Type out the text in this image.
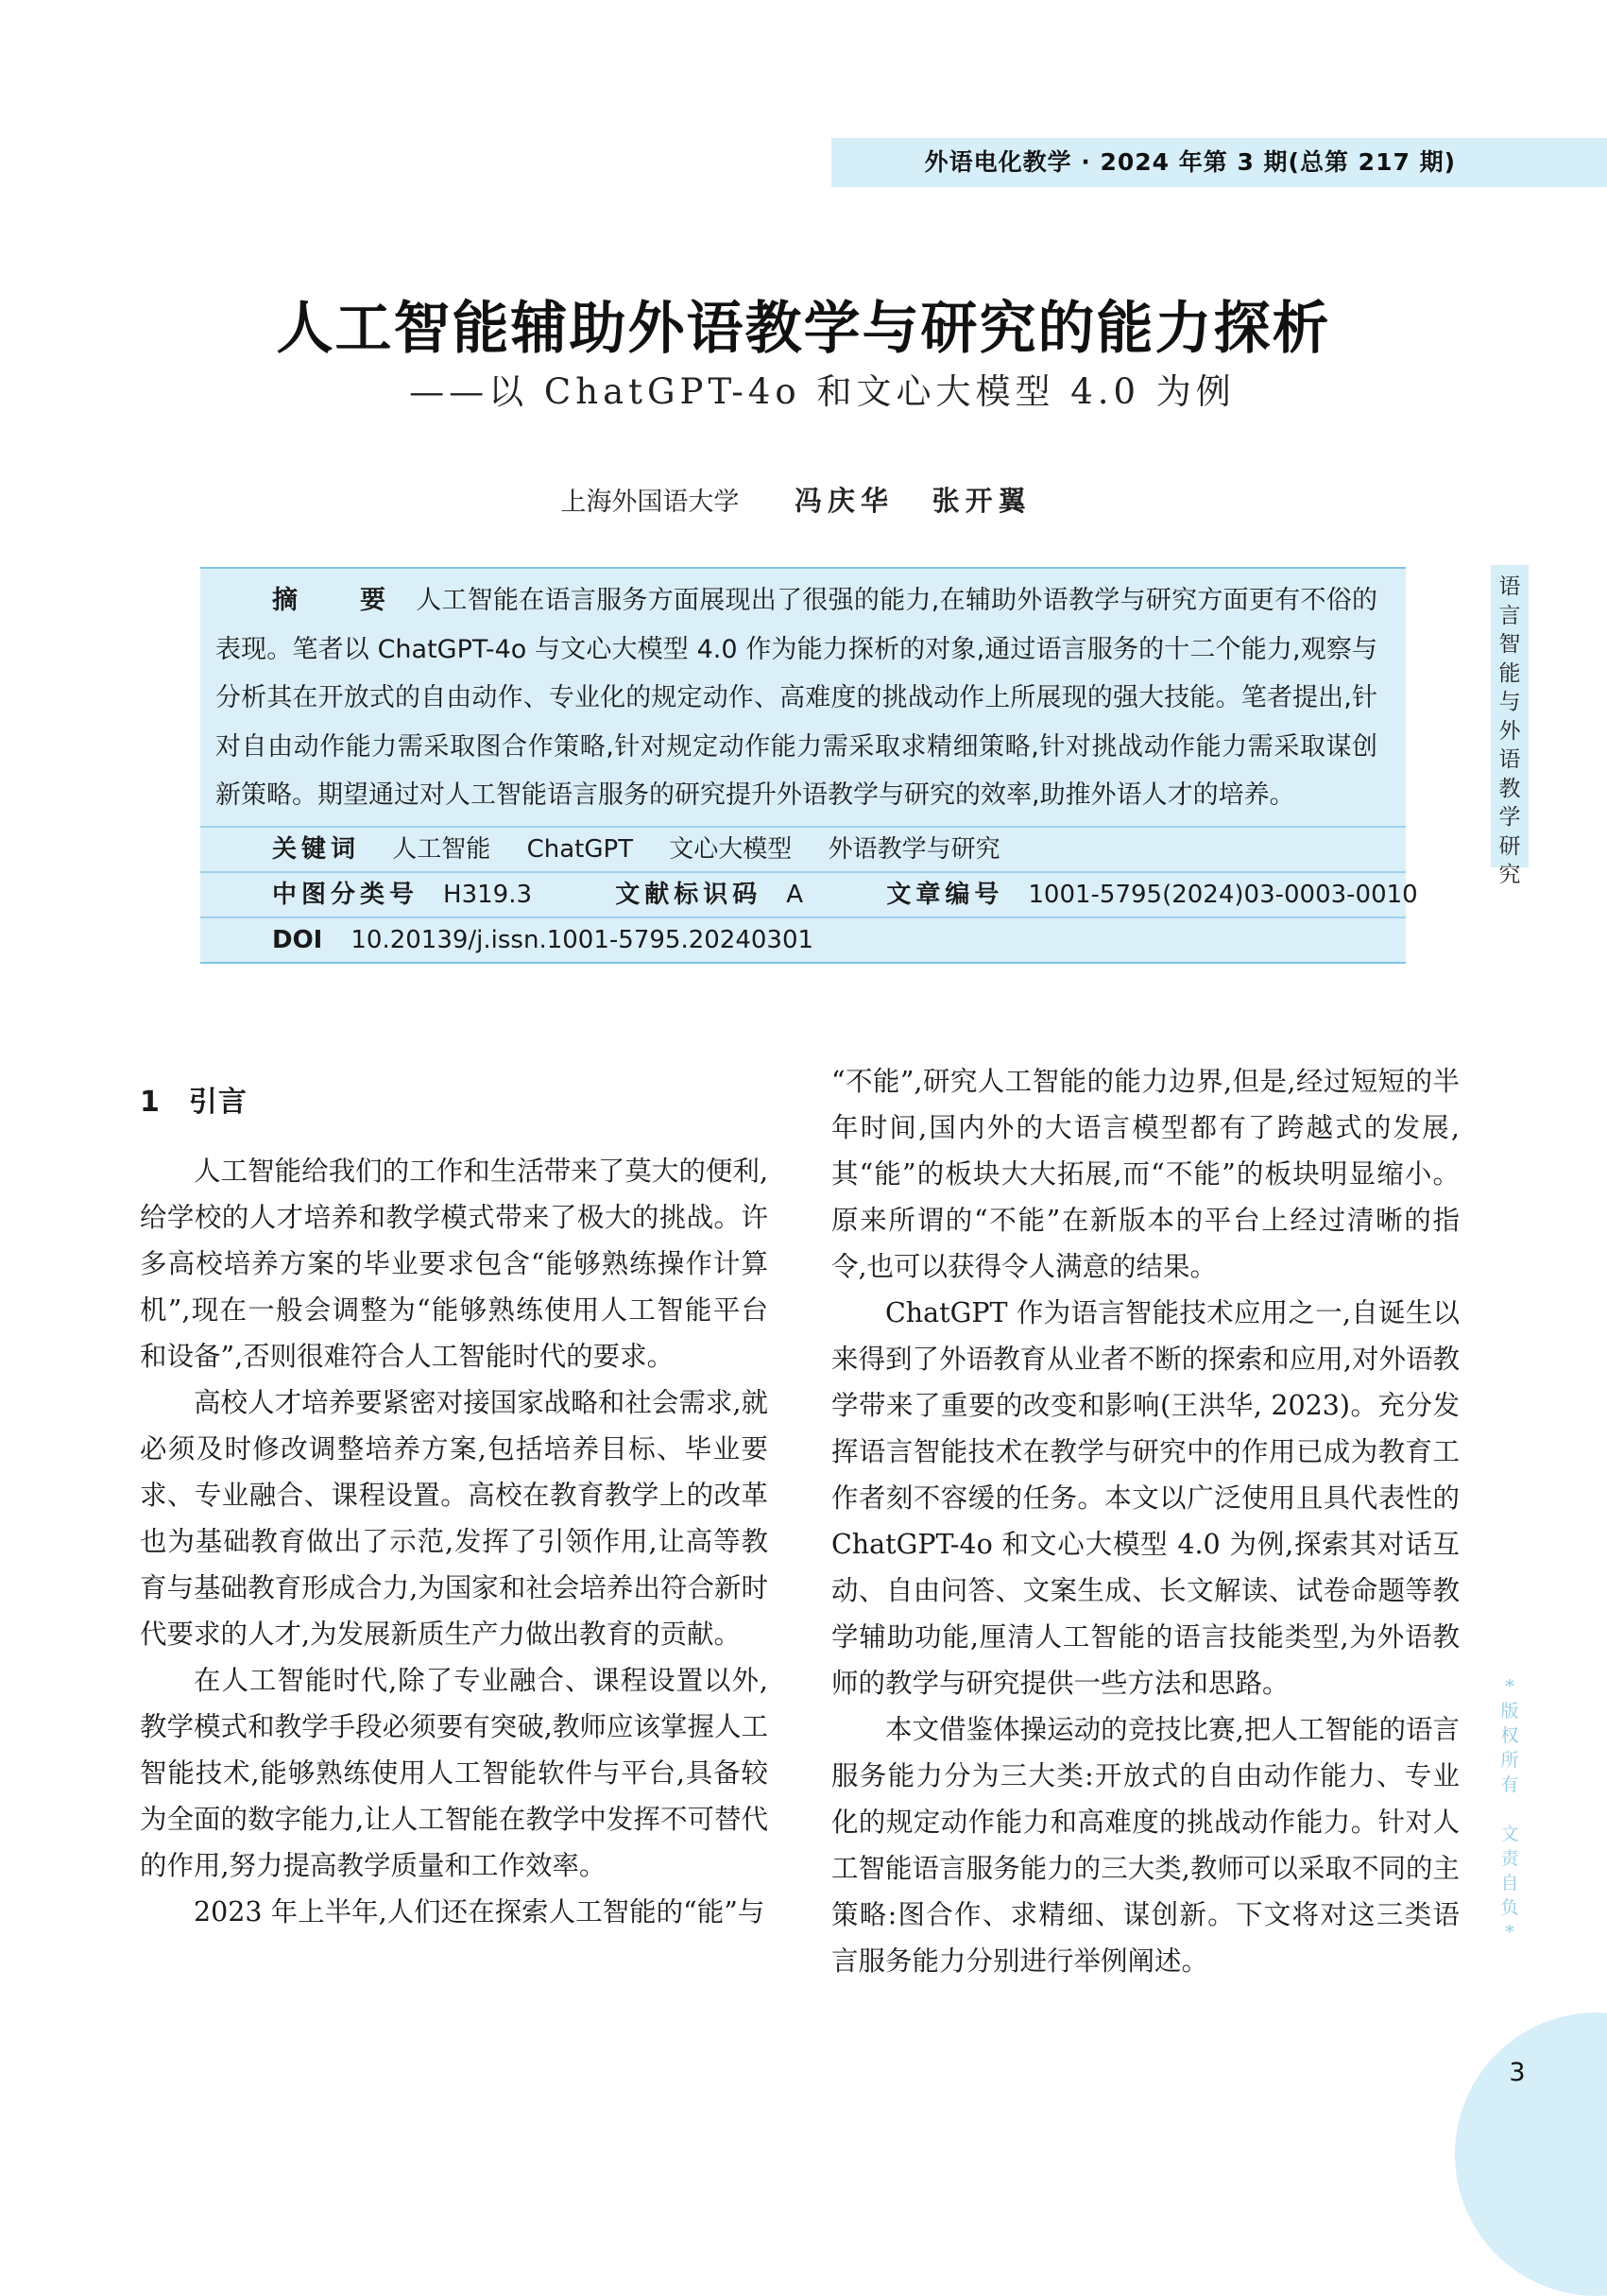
外语电化教学 · 2024 年第 3 期(总第 217 期)
人工智能辅助外语教学与研究的能力探析
——以 ChatGPT-4o 和文心大模型 4.0 为例
上海外国语大学 冯庆华 张开翼
摘 要 人工智能在语言服务方面展现出了很强的能力,在辅助外语教学与研究方面更有不俗的表现。笔者以 ChatGPT-4o 与文心大模型 4.0 作为能力探析的对象,通过语言服务的十二个能力,观察与分析其在开放式的自由动作、专业化的规定动作、高难度的挑战动作上所展现的强大技能。笔者提出,针对自由动作能力需采取图合作策略,针对规定动作能力需采取求精细策略,针对挑战动作能力需采取谋创新策略。期望通过对人工智能语言服务的研究提升外语教学与研究的效率,助推外语人才的培养。
关键词 人工智能 ChatGPT 文心大模型 外语教学与研究
中图分类号 H319.3	文献标识码 A	文章编号 1001-5795(2024)03-0003-0010
DOI 10.20139/j.issn.1001-5795.20240301
语
言
智
能
与
外
语
教
学
研
究
*
版
权
所
有

文
责
自
负
*
1 引言

人工智能给我们的工作和生活带来了莫大的便利,给学校的人才培养和教学模式带来了极大的挑战。许多高校培养方案的毕业要求包含“能够熟练操作计算机”,现在一般会调整为“能够熟练使用人工智能平台和设备”,否则很难符合人工智能时代的要求。

高校人才培养要紧密对接国家战略和社会需求,就必须及时修改调整培养方案,包括培养目标、毕业要求、专业融合、课程设置。高校在教育教学上的改革也为基础教育做出了示范,发挥了引领作用,让高等教育与基础教育形成合力,为国家和社会培养出符合新时代要求的人才,为发展新质生产力做出教育的贡献。

在人工智能时代,除了专业融合、课程设置以外,教学模式和教学手段必须要有突破,教师应该掌握人工智能技术,能够熟练使用人工智能软件与平台,具备较为全面的数字能力,让人工智能在教学中发挥不可替代的作用,努力提高教学质量和工作效率。

2023 年上半年,人们还在探索人工智能的“能”与

“不能”,研究人工智能的能力边界,但是,经过短短的半年时间,国内外的大语言模型都有了跨越式的发展,其“能”的板块大大拓展,而“不能”的板块明显缩小。原来所谓的“不能”在新版本的平台上经过清晰的指令,也可以获得令人满意的结果。

ChatGPT 作为语言智能技术应用之一,自诞生以来得到了外语教育从业者不断的探索和应用,对外语教学带来了重要的改变和影响(王洪华, 2023)。充分发挥语言智能技术在教学与研究中的作用已成为教育工作者刻不容缓的任务。本文以广泛使用且具代表性的 ChatGPT-4o 和文心大模型 4.0 为例,探索其对话互动、自由问答、文案生成、长文解读、试卷命题等教学辅助功能,厘清人工智能的语言技能类型,为外语教师的教学与研究提供一些方法和思路。

本文借鉴体操运动的竞技比赛,把人工智能的语言服务能力分为三大类:开放式的自由动作能力、专业化的规定动作能力和高难度的挑战动作能力。针对人工智能语言服务能力的三大类,教师可以采取不同的主策略:图合作、求精细、谋创新。下文将对这三类语言服务能力分别进行举例阐述。

3
